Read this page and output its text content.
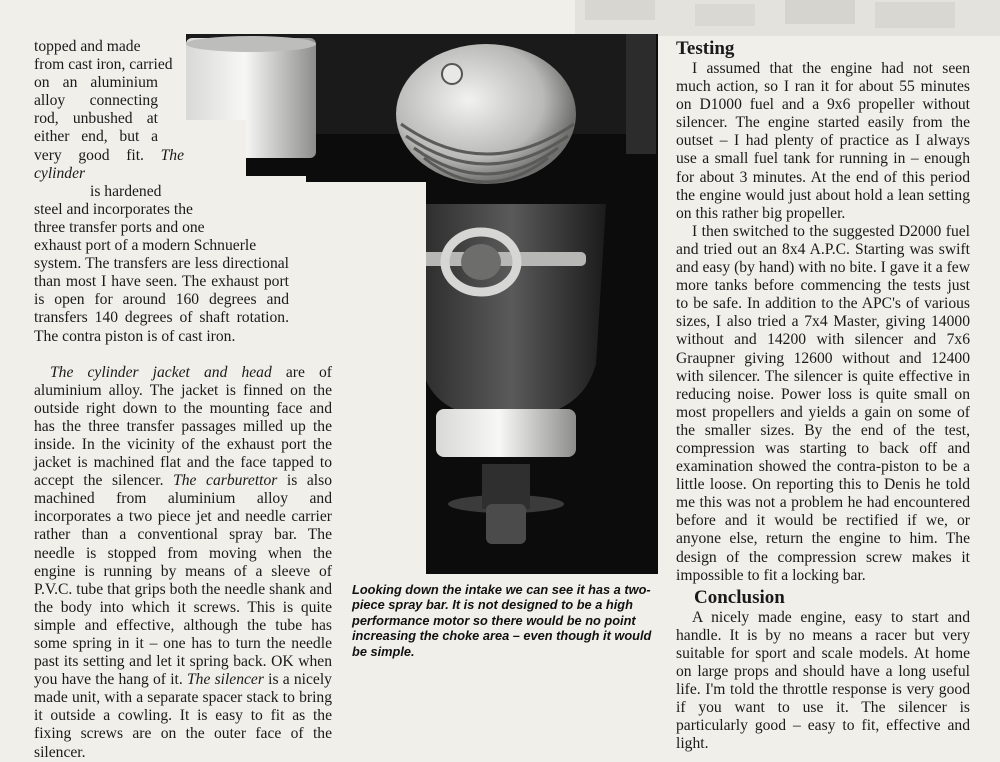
topped and made
from cast iron, carried
on an aluminium
alloy connecting
rod, unbushed at
either end, but a
very good fit. The cylinder
is hardened
steel and incorporates the
three transfer ports and one
exhaust port of a modern Schnuerle

system. The transfers are less directional than most I have seen. The exhaust port is open for around 160 degrees and transfers 140 degrees of shaft rotation. The contra piston is of cast iron.

The cylinder jacket and head are of aluminium alloy. The jacket is finned on the outside right down to the mounting face and has the three transfer passages milled up the inside. In the vicinity of the exhaust port the jacket is machined flat and the face tapped to accept the silencer. The carburettor is also machined from aluminium alloy and incorporates a two piece jet and needle carrier rather than a conventional spray bar. The needle is stopped from moving when the engine is running by means of a sleeve of P.V.C. tube that grips both the needle shank and the body into which it screws. This is quite simple and effective, although the tube has some spring in it – one has to turn the needle past its setting and let it spring back. OK when you have the hang of it. The silencer is a nicely made unit, with a separate spacer stack to bring it outside a cowling. It is easy to fit as the fixing screws are on the outer face of the silencer.

Looking down the intake we can see it has a two-piece spray bar. It is not designed to be a high performance motor so there would be no point increasing the choke area – even though it would be simple.
Testing

I assumed that the engine had not seen much action, so I ran it for about 55 minutes on D1000 fuel and a 9x6 propeller without silencer. The engine started easily from the outset – I had plenty of practice as I always use a small fuel tank for running in – enough for about 3 minutes. At the end of this period the engine would just about hold a lean setting on this rather big propeller.

I then switched to the suggested D2000 fuel and tried out an 8x4 A.P.C. Starting was swift and easy (by hand) with no bite. I gave it a few more tanks before commencing the tests just to be safe. In addition to the APC's of various sizes, I also tried a 7x4 Master, giving 14000 without and 14200 with silencer and 7x6 Graupner giving 12600 without and 12400 with silencer. The silencer is quite effective in reducing noise. Power loss is quite small on most propellers and yields a gain on some of the smaller sizes. By the end of the test, compression was starting to back off and examination showed the contra-piston to be a little loose. On reporting this to Denis he told me this was not a problem he had encountered before and it would be rectified if we, or anyone else, return the engine to him. The design of the compression screw makes it impossible to fit a locking bar.

Conclusion

A nicely made engine, easy to start and handle. It is by no means a racer but very suitable for sport and scale models. At home on large props and should have a long useful life. I'm told the throttle response is very good if you want to use it. The silencer is particularly good – easy to fit, effective and light.
